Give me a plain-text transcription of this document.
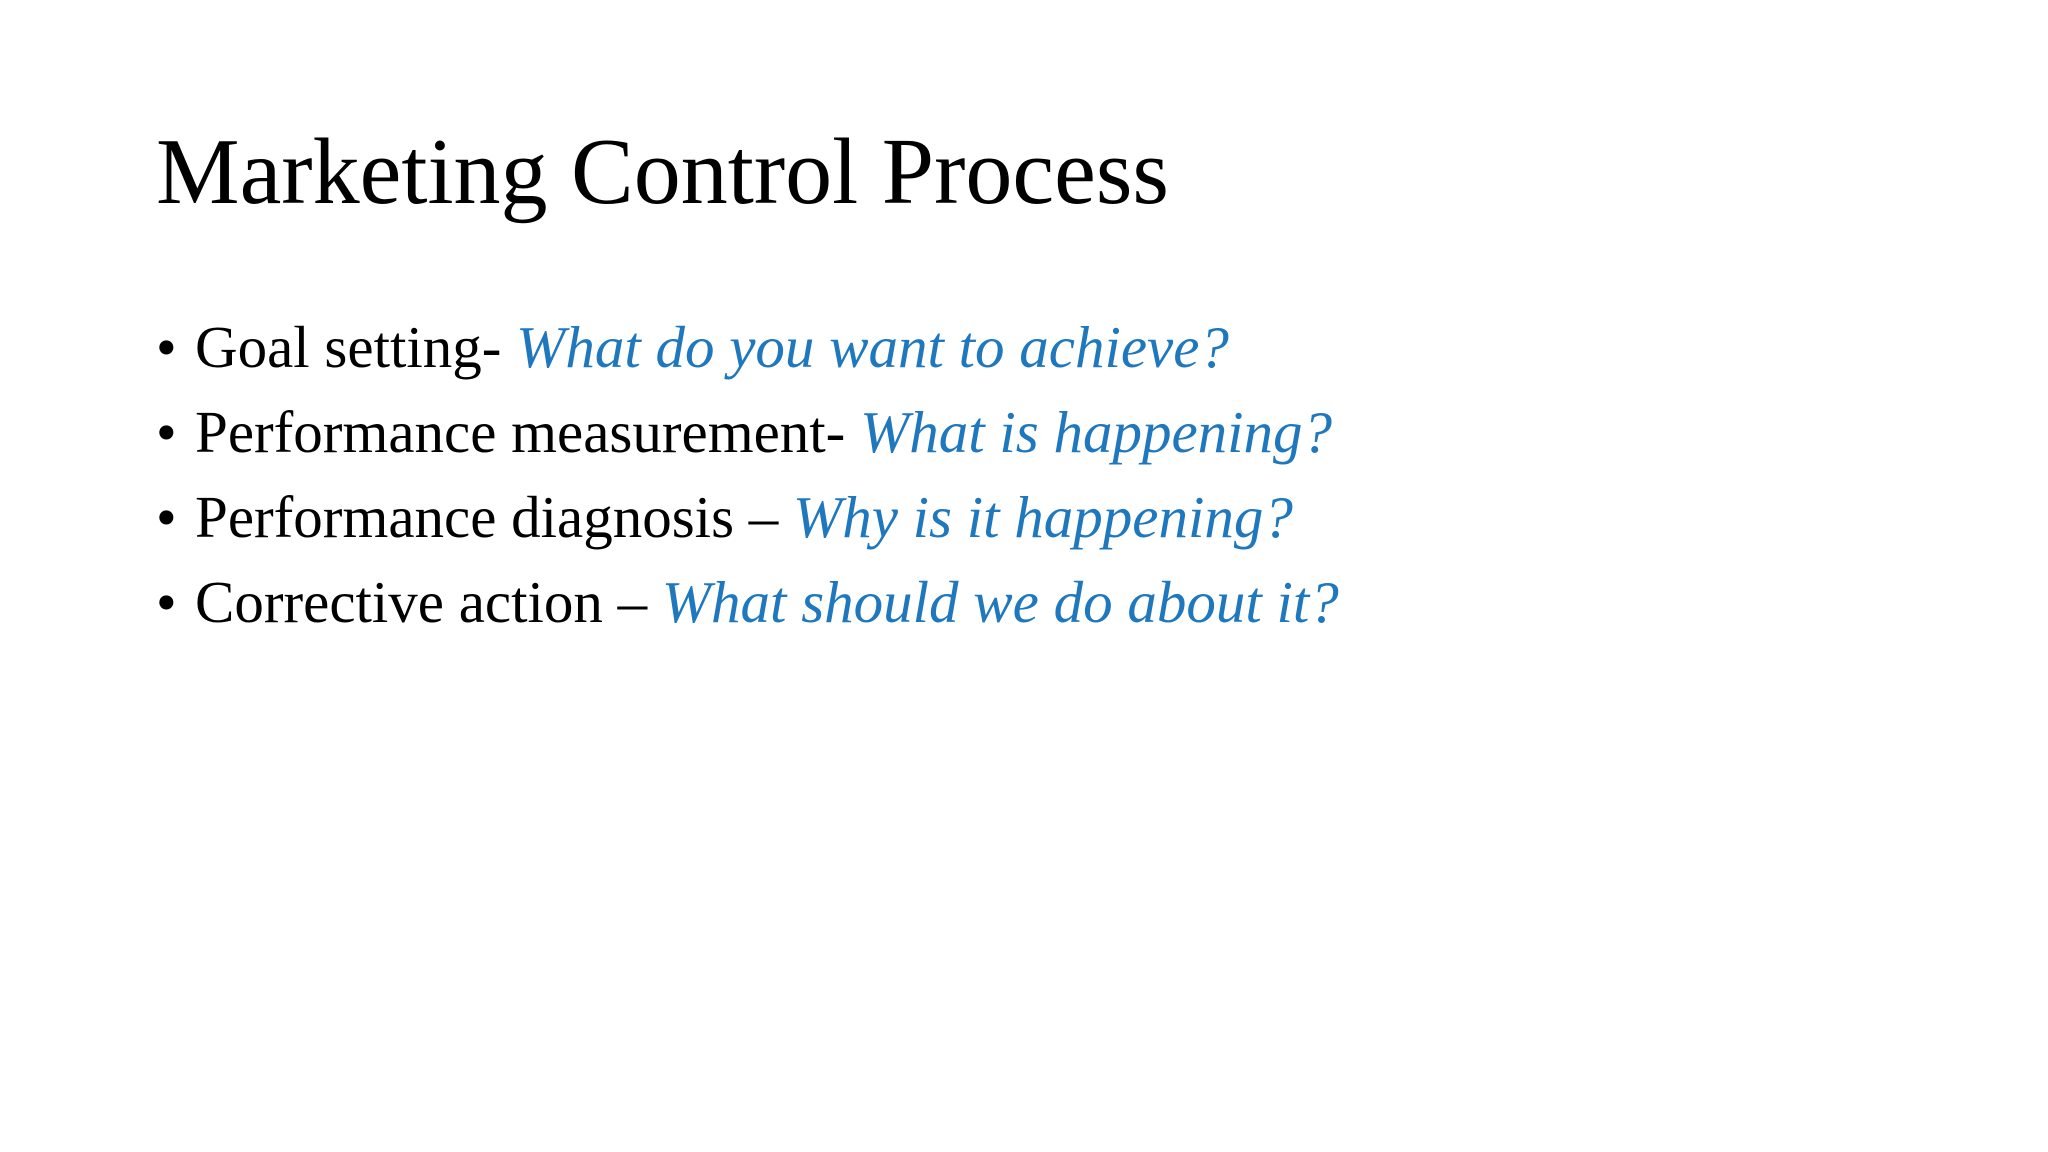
Marketing Control Process
• Goal setting- What do you want to achieve?
• Performance measurement- What is happening?
• Performance diagnosis – Why is it happening?
• Corrective action – What should we do about it?
